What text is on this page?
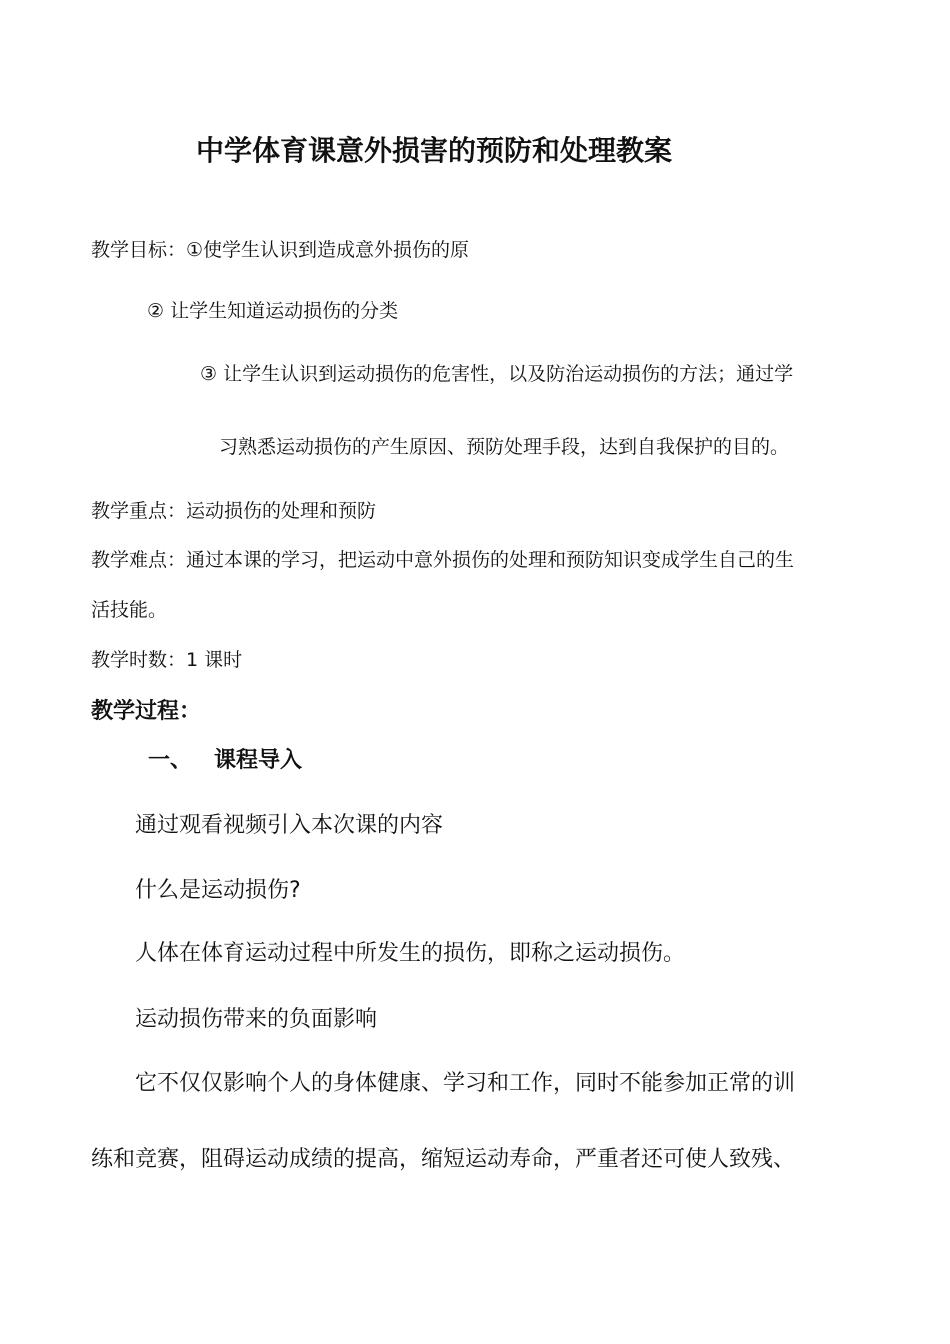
中学体育课意外损害的预防和处理教案
教学目标：①使学生认识到造成意外损伤的原
② 让学生知道运动损伤的分类
③ 让学生认识到运动损伤的危害性，以及防治运动损伤的方法；通过学
习熟悉运动损伤的产生原因、预防处理手段，达到自我保护的目的。
教学重点：运动损伤的处理和预防
教学难点：通过本课的学习，把运动中意外损伤的处理和预防知识变成学生自己的生
活技能。
教学时数：1 课时
教学过程：
一、 课程导入
通过观看视频引入本次课的内容
什么是运动损伤?
人体在体育运动过程中所发生的损伤，即称之运动损伤。
运动损伤带来的负面影响
它不仅仅影响个人的身体健康、学习和工作，同时不能参加正常的训
练和竞赛，阻碍运动成绩的提高，缩短运动寿命，严重者还可使人致残、
